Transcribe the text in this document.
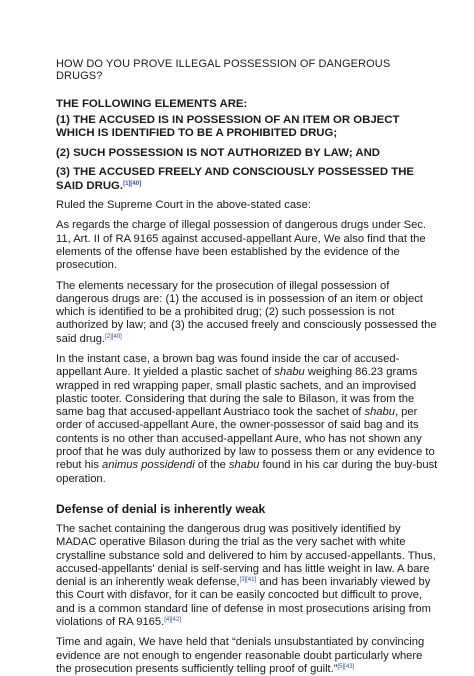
HOW DO YOU PROVE ILLEGAL POSSESSION OF DANGEROUS DRUGS?
THE FOLLOWING ELEMENTS ARE:
(1) THE ACCUSED IS IN POSSESSION OF AN ITEM OR OBJECT WHICH IS IDENTIFIED TO BE A PROHIBITED DRUG;
(2) SUCH POSSESSION IS NOT AUTHORIZED BY LAW; AND
(3) THE ACCUSED FREELY AND CONSCIOUSLY POSSESSED THE SAID DRUG.[1][40]

Ruled the Supreme Court in the above-stated case:

As regards the charge of illegal possession of dangerous drugs under Sec. 11, Art. II of RA 9165 against accused-appellant Aure, We also find that the elements of the offense have been established by the evidence of the prosecution.

The elements necessary for the prosecution of illegal possession of dangerous drugs are: (1) the accused is in possession of an item or object which is identified to be a prohibited drug; (2) such possession is not authorized by law; and (3) the accused freely and consciously possessed the said drug.[2][40]

In the instant case, a brown bag was found inside the car of accused-appellant Aure. It yielded a plastic sachet of shabu weighing 86.23 grams wrapped in red wrapping paper, small plastic sachets, and an improvised plastic tooter. Considering that during the sale to Bilason, it was from the same bag that accused-appellant Austriaco took the sachet of shabu, per order of accused-appellant Aure, the owner-possessor of said bag and its contents is no other than accused-appellant Aure, who has not shown any proof that he was duly authorized by law to possess them or any evidence to rebut his animus possidendi of the shabu found in his car during the buy-bust operation.

Defense of denial is inherently weak

The sachet containing the dangerous drug was positively identified by MADAC operative Bilason during the trial as the very sachet with white crystalline substance sold and delivered to him by accused-appellants. Thus, accused-appellants' denial is self-serving and has little weight in law. A bare denial is an inherently weak defense,[3][41] and has been invariably viewed by this Court with disfavor, for it can be easily concocted but difficult to prove, and is a common standard line of defense in most prosecutions arising from violations of RA 9165.[4][42]

Time and again, We have held that “denials unsubstantiated by convincing evidence are not enough to engender reasonable doubt particularly where the prosecution presents sufficiently telling proof of guilt.”[5][43]
